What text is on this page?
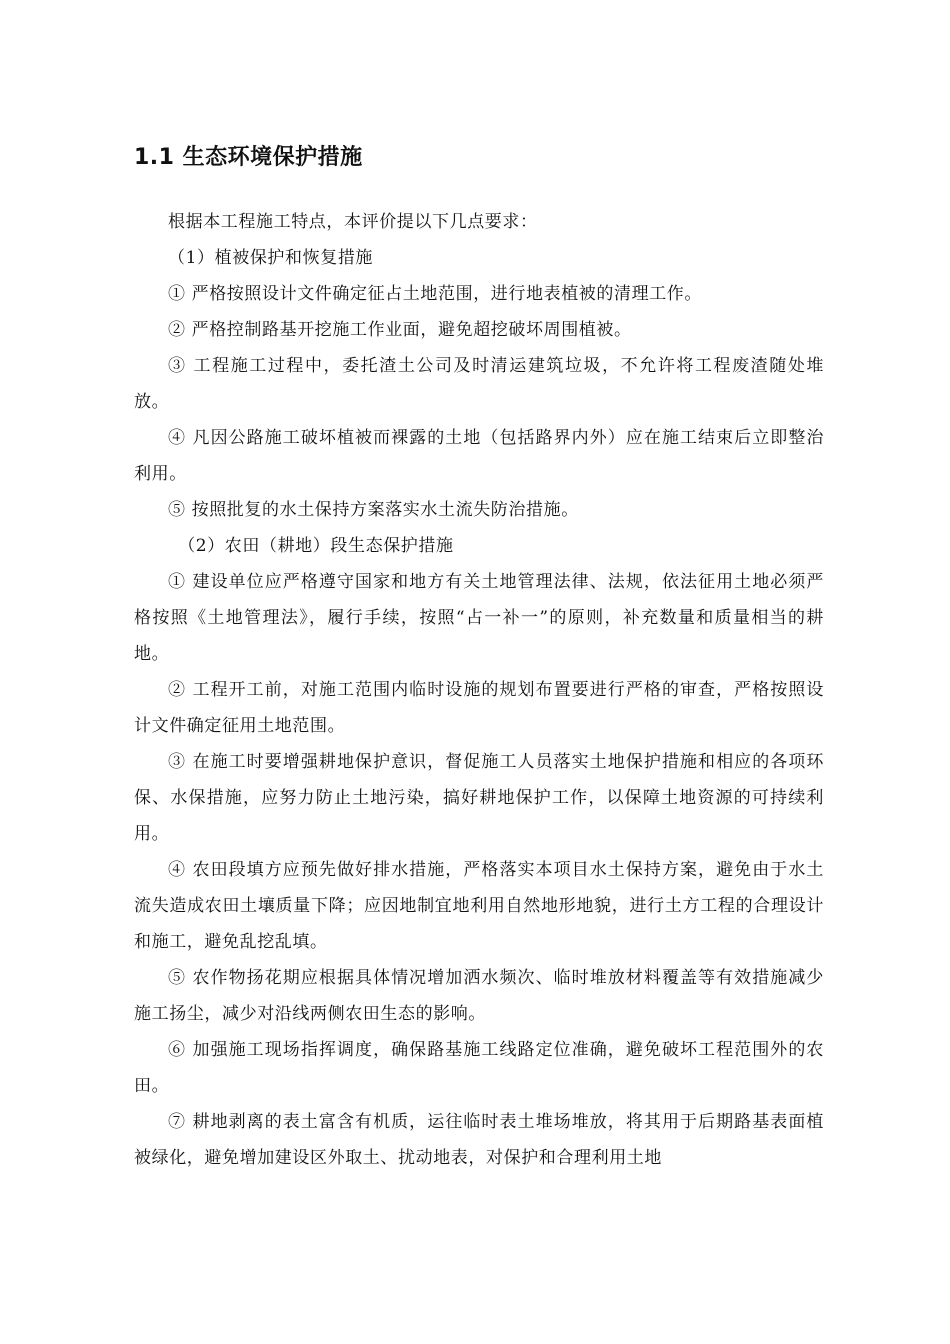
1.1 生态环境保护措施

根据本工程施工特点，本评价提以下几点要求：

（1）植被保护和恢复措施

① 严格按照设计文件确定征占土地范围，进行地表植被的清理工作。

② 严格控制路基开挖施工作业面，避免超挖破坏周围植被。

③ 工程施工过程中，委托渣土公司及时清运建筑垃圾，不允许将工程废渣随处堆放。

④ 凡因公路施工破坏植被而裸露的土地（包括路界内外）应在施工结束后立即整治利用。

⑤ 按照批复的水土保持方案落实水土流失防治措施。

（2）农田（耕地）段生态保护措施

① 建设单位应严格遵守国家和地方有关土地管理法律、法规，依法征用土地必须严格按照《土地管理法》，履行手续，按照“占一补一”的原则，补充数量和质量相当的耕地。

② 工程开工前，对施工范围内临时设施的规划布置要进行严格的审查，严格按照设计文件确定征用土地范围。

③ 在施工时要增强耕地保护意识，督促施工人员落实土地保护措施和相应的各项环保、水保措施，应努力防止土地污染，搞好耕地保护工作，以保障土地资源的可持续利用。

④ 农田段填方应预先做好排水措施，严格落实本项目水土保持方案，避免由于水土流失造成农田土壤质量下降；应因地制宜地利用自然地形地貌，进行土方工程的合理设计和施工，避免乱挖乱填。

⑤ 农作物扬花期应根据具体情况增加洒水频次、临时堆放材料覆盖等有效措施减少施工扬尘，减少对沿线两侧农田生态的影响。

⑥ 加强施工现场指挥调度，确保路基施工线路定位准确，避免破坏工程范围外的农田。

⑦ 耕地剥离的表土富含有机质，运往临时表土堆场堆放，将其用于后期路基表面植被绿化，避免增加建设区外取土、扰动地表，对保护和合理利用土地
